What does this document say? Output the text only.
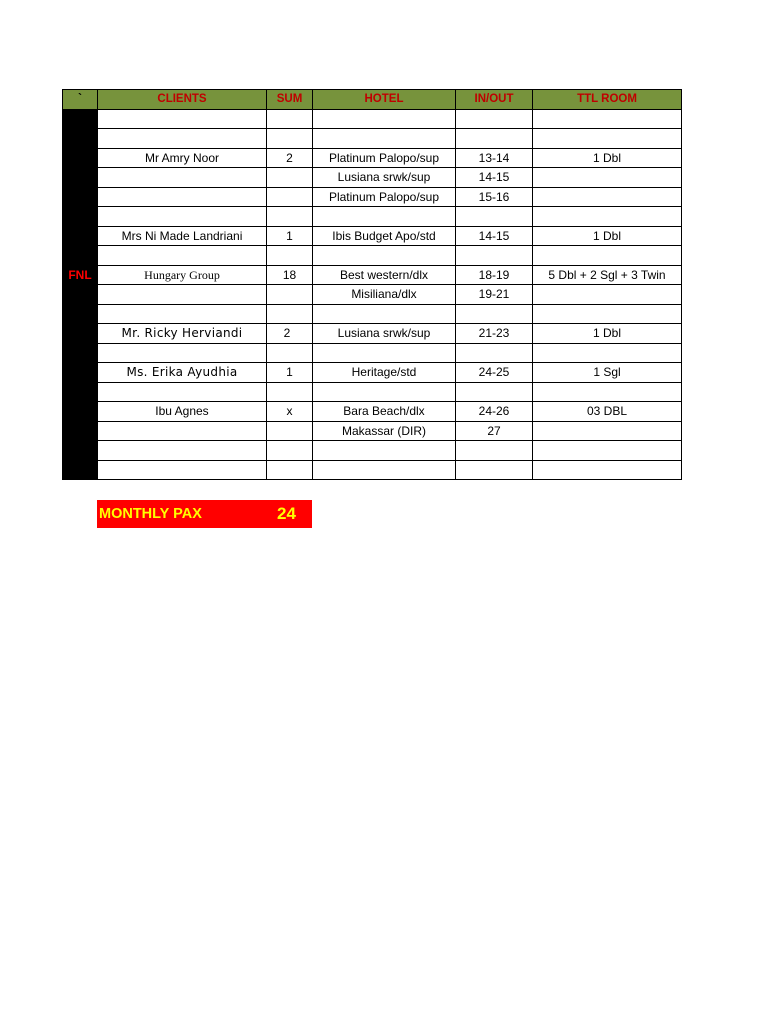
`	CLIENTS	SUM	HOTEL	IN/OUT	TTL ROOM

	Mr Amry Noor	2	Platinum Palopo/sup	13-14	1 Dbl
			Lusiana srwk/sup	14-15	
			Platinum Palopo/sup	15-16	

	Mrs Ni Made Landriani	1	Ibis Budget Apo/std	14-15	1 Dbl

FNL	Hungary Group	18	Best western/dlx	18-19	5 Dbl + 2 Sgl + 3 Twin
			Misiliana/dlx	19-21	

	Mr. Ricky Herviandi	2	Lusiana srwk/sup	21-23	1 Dbl

	Ms. Erika Ayudhia	1	Heritage/std	24-25	1 Sgl

	Ibu Agnes	x	Bara Beach/dlx	24-26	03 DBL
			Makassar (DIR)	27	

MONTHLY PAX	24
